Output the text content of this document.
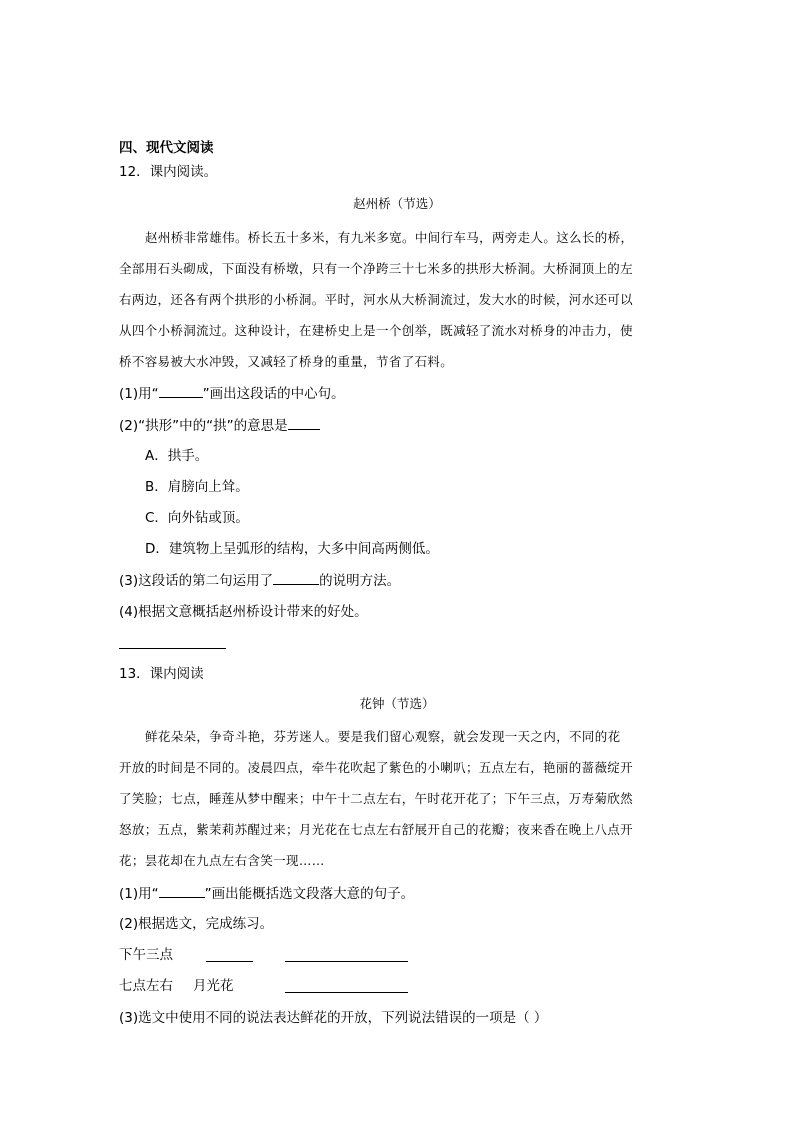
四、现代文阅读
12．课内阅读。
赵州桥（节选）
赵州桥非常雄伟。桥长五十多米，有九米多宽。中间行车马，两旁走人。这么长的桥，
全部用石头砌成，下面没有桥墩，只有一个净跨三十七米多的拱形大桥洞。大桥洞顶上的左
右两边，还各有两个拱形的小桥洞。平时，河水从大桥洞流过，发大水的时候，河水还可以
从四个小桥洞流过。这种设计，在建桥史上是一个创举，既减轻了流水对桥身的冲击力，使
桥不容易被大水冲毁，又减轻了桥身的重量，节省了石料。
(1)用“	”画出这段话的中心句。
(2)“拱形”中的“拱”的意思是
A．拱手。
B．肩膀向上耸。
C．向外钻或顶。
D．建筑物上呈弧形的结构，大多中间高两侧低。
(3)这段话的第二句运用了	的说明方法。
(4)根据文意概括赵州桥设计带来的好处。
13．课内阅读
花钟（节选）
鲜花朵朵，争奇斗艳，芬芳迷人。要是我们留心观察，就会发现一天之内，不同的花
开放的时间是不同的。凌晨四点，牵牛花吹起了紫色的小喇叭；五点左右，艳丽的蔷薇绽开
了笑脸；七点，睡莲从梦中醒来；中午十二点左右，午时花开花了；下午三点，万寿菊欣然
怒放；五点，紫茉莉苏醒过来；月光花在七点左右舒展开自己的花瓣；夜来香在晚上八点开
花；昙花却在九点左右含笑一现……
(1)用“	”画出能概括选文段落大意的句子。
(2)根据选文，完成练习。
下午三点
七点左右 月光花
(3)选文中使用不同的说法表达鲜花的开放，下列说法错误的一项是（ ）
